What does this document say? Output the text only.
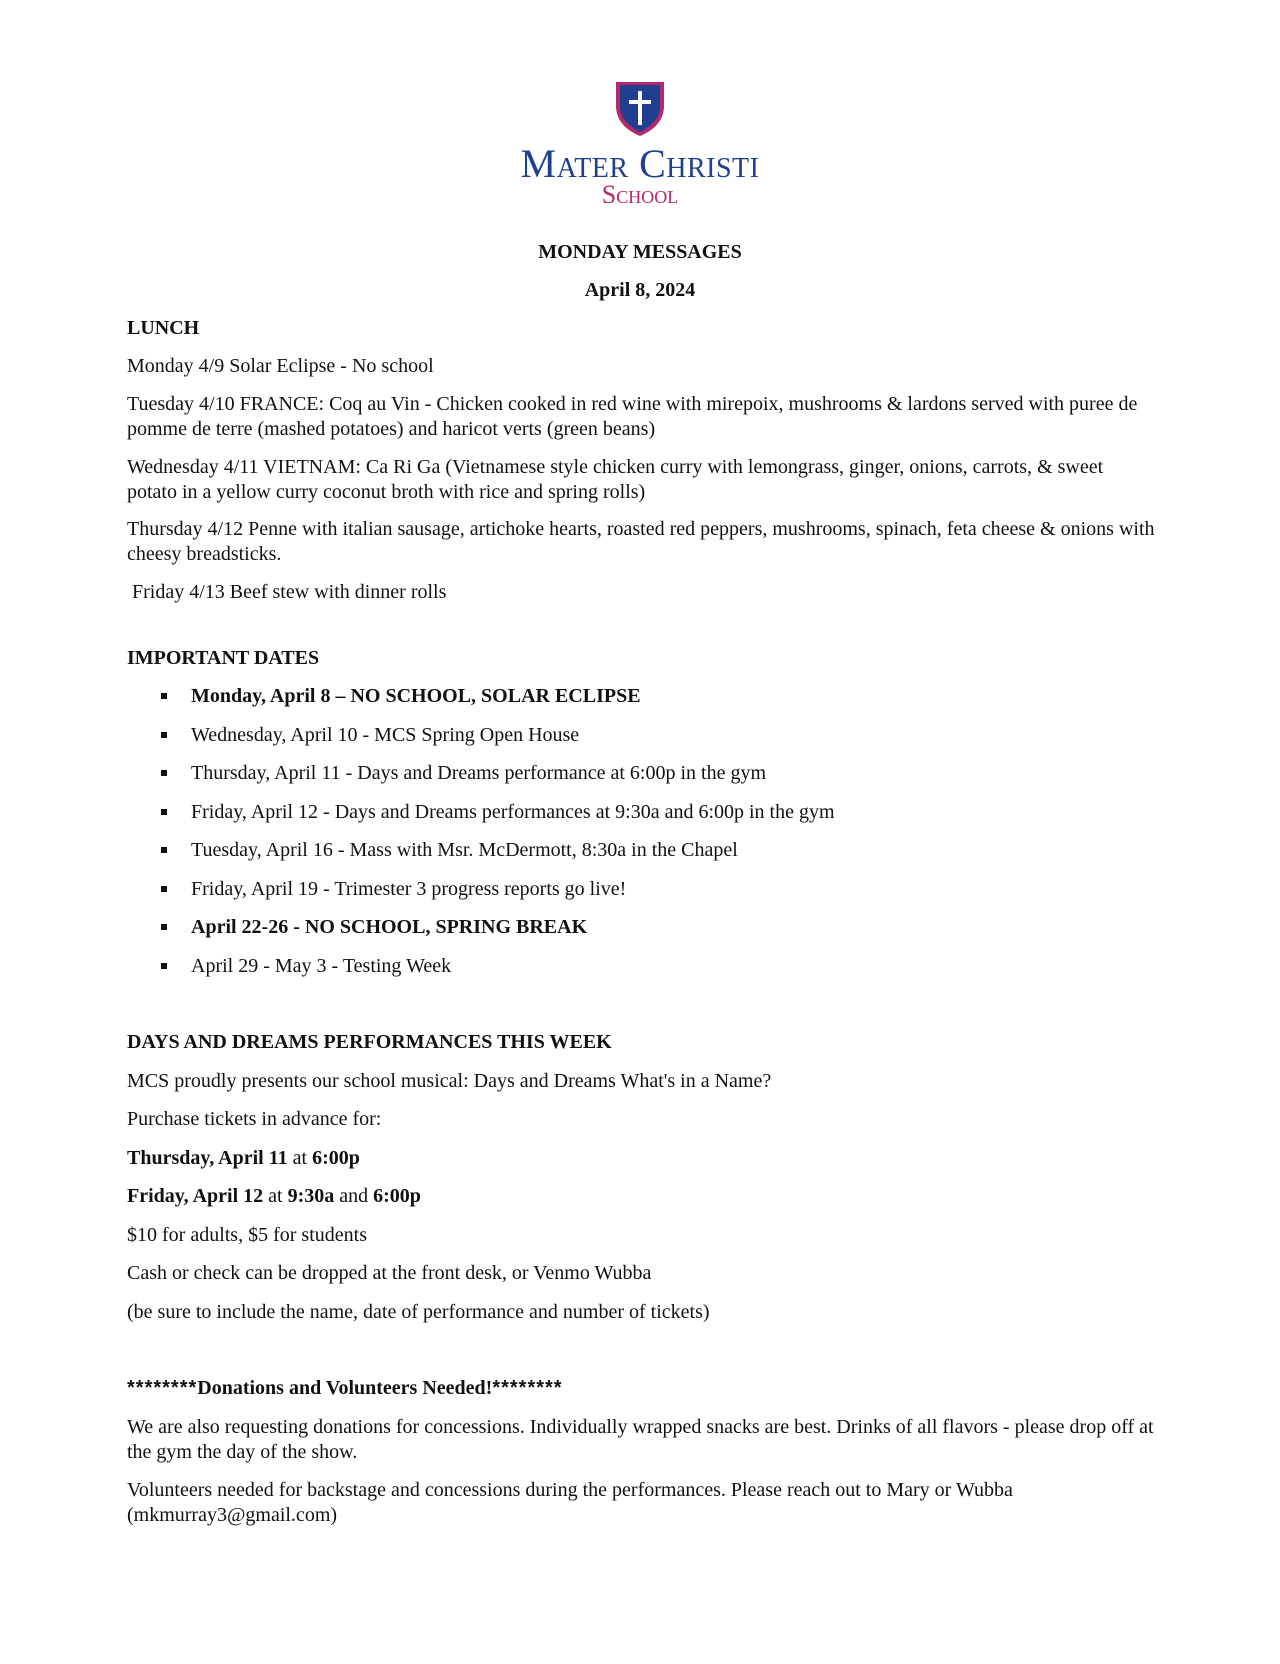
Mater Christi
School
MONDAY MESSAGES
April 8, 2024
LUNCH
Monday 4/9 Solar Eclipse - No school
Tuesday 4/10 FRANCE: Coq au Vin - Chicken cooked in red wine with mirepoix, mushrooms & lardons served with puree de pomme de terre (mashed potatoes) and haricot verts (green beans)
Wednesday 4/11 VIETNAM: Ca Ri Ga (Vietnamese style chicken curry with lemongrass, ginger, onions, carrots, & sweet potato in a yellow curry coconut broth with rice and spring rolls)
Thursday 4/12 Penne with italian sausage, artichoke hearts, roasted red peppers, mushrooms, spinach, feta cheese & onions with cheesy breadsticks.
Friday 4/13 Beef stew with dinner rolls
IMPORTANT DATES
Monday, April 8 – NO SCHOOL, SOLAR ECLIPSE
Wednesday, April 10 - MCS Spring Open House
Thursday, April 11 - Days and Dreams performance at 6:00p in the gym
Friday, April 12 - Days and Dreams performances at 9:30a and 6:00p in the gym
Tuesday, April 16 - Mass with Msr. McDermott, 8:30a in the Chapel
Friday, April 19 - Trimester 3 progress reports go live!
April 22-26 - NO SCHOOL, SPRING BREAK
April 29 - May 3 - Testing Week
DAYS AND DREAMS PERFORMANCES THIS WEEK
MCS proudly presents our school musical: Days and Dreams What's in a Name?
Purchase tickets in advance for:
Thursday, April 11 at 6:00p
Friday, April 12 at 9:30a and 6:00p
$10 for adults, $5 for students
Cash or check can be dropped at the front desk, or Venmo Wubba
(be sure to include the name, date of performance and number of tickets)
********Donations and Volunteers Needed!********
We are also requesting donations for concessions. Individually wrapped snacks are best. Drinks of all flavors - please drop off at the gym the day of the show.
Volunteers needed for backstage and concessions during the performances. Please reach out to Mary or Wubba (mkmurray3@gmail.com)
